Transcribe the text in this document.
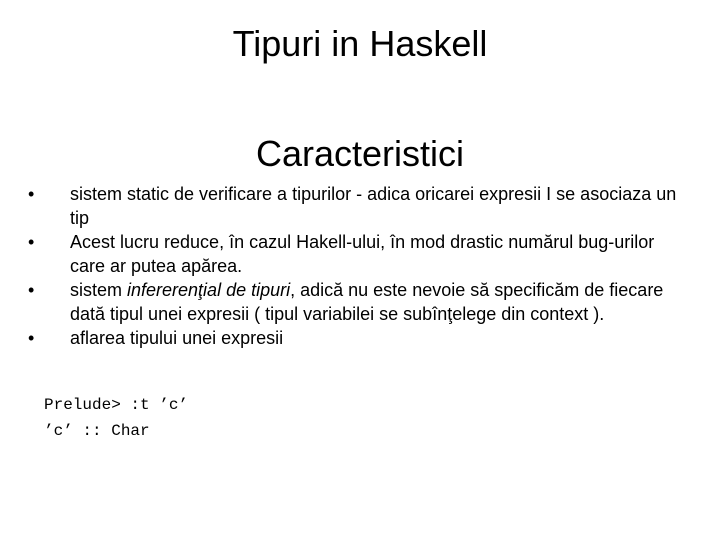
Tipuri in Haskell
Caracteristici
•	sistem static de verificare a tipurilor - adica oricarei expresii I se asociaza un tip
•	Acest lucru reduce, în cazul Hakell-ului, în mod drastic numărul bug-urilor care ar putea apărea.
•	sistem infererenţial de tipuri, adică nu este nevoie să specificăm de fiecare dată tipul unei expresii ( tipul variabilei se subînţelege din context ).
•	aflarea tipului unei expresii
Prelude> :t ’c’
’c’ :: Char
